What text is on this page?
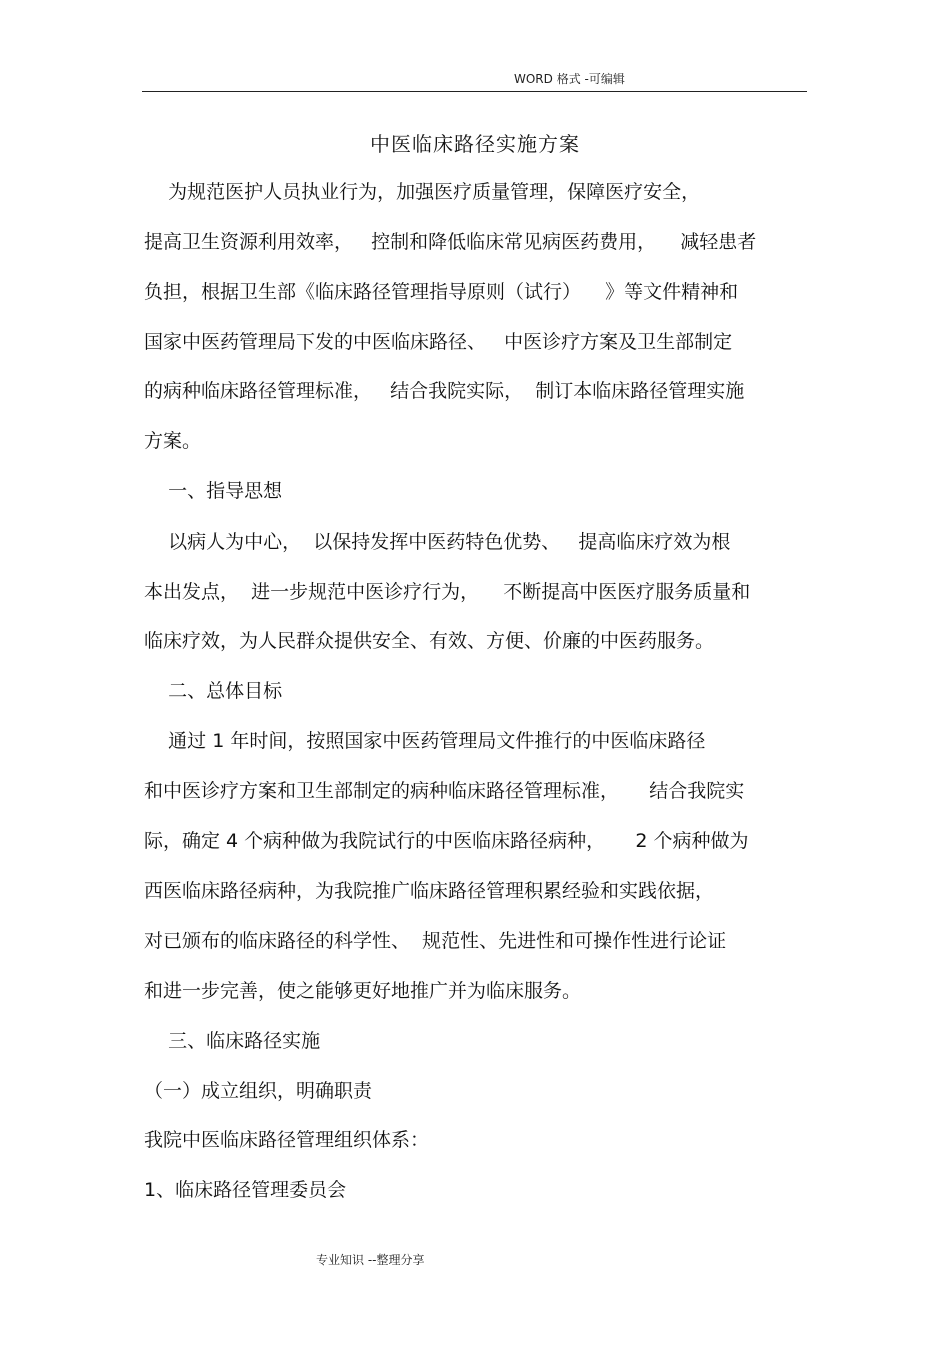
WORD 格式 -可编辑
中医临床路径实施方案
为规范医护人员执业行为，加强医疗质量管理，保障医疗安全，
提高卫生资源利用效率，   控制和降低临床常见病医药费用，    减轻患者
负担，根据卫生部《临床路径管理指导原则（试行）    》等文件精神和
国家中医药管理局下发的中医临床路径、   中医诊疗方案及卫生部制定
的病种临床路径管理标准，   结合我院实际，  制订本临床路径管理实施
方案。
一、指导思想
以病人为中心，  以保持发挥中医药特色优势、   提高临床疗效为根
本出发点，  进一步规范中医诊疗行为，    不断提高中医医疗服务质量和
临床疗效，为人民群众提供安全、有效、方便、价廉的中医药服务。
二、总体目标
通过 1 年时间，按照国家中医药管理局文件推行的中医临床路径
和中医诊疗方案和卫生部制定的病种临床路径管理标准，     结合我院实
际，确定 4 个病种做为我院试行的中医临床路径病种，     2 个病种做为
西医临床路径病种，为我院推广临床路径管理积累经验和实践依据，
对已颁布的临床路径的科学性、  规范性、先进性和可操作性进行论证
和进一步完善，使之能够更好地推广并为临床服务。
三、临床路径实施
（一）成立组织，明确职责
我院中医临床路径管理组织体系：
1、临床路径管理委员会
专业知识 --整理分享
